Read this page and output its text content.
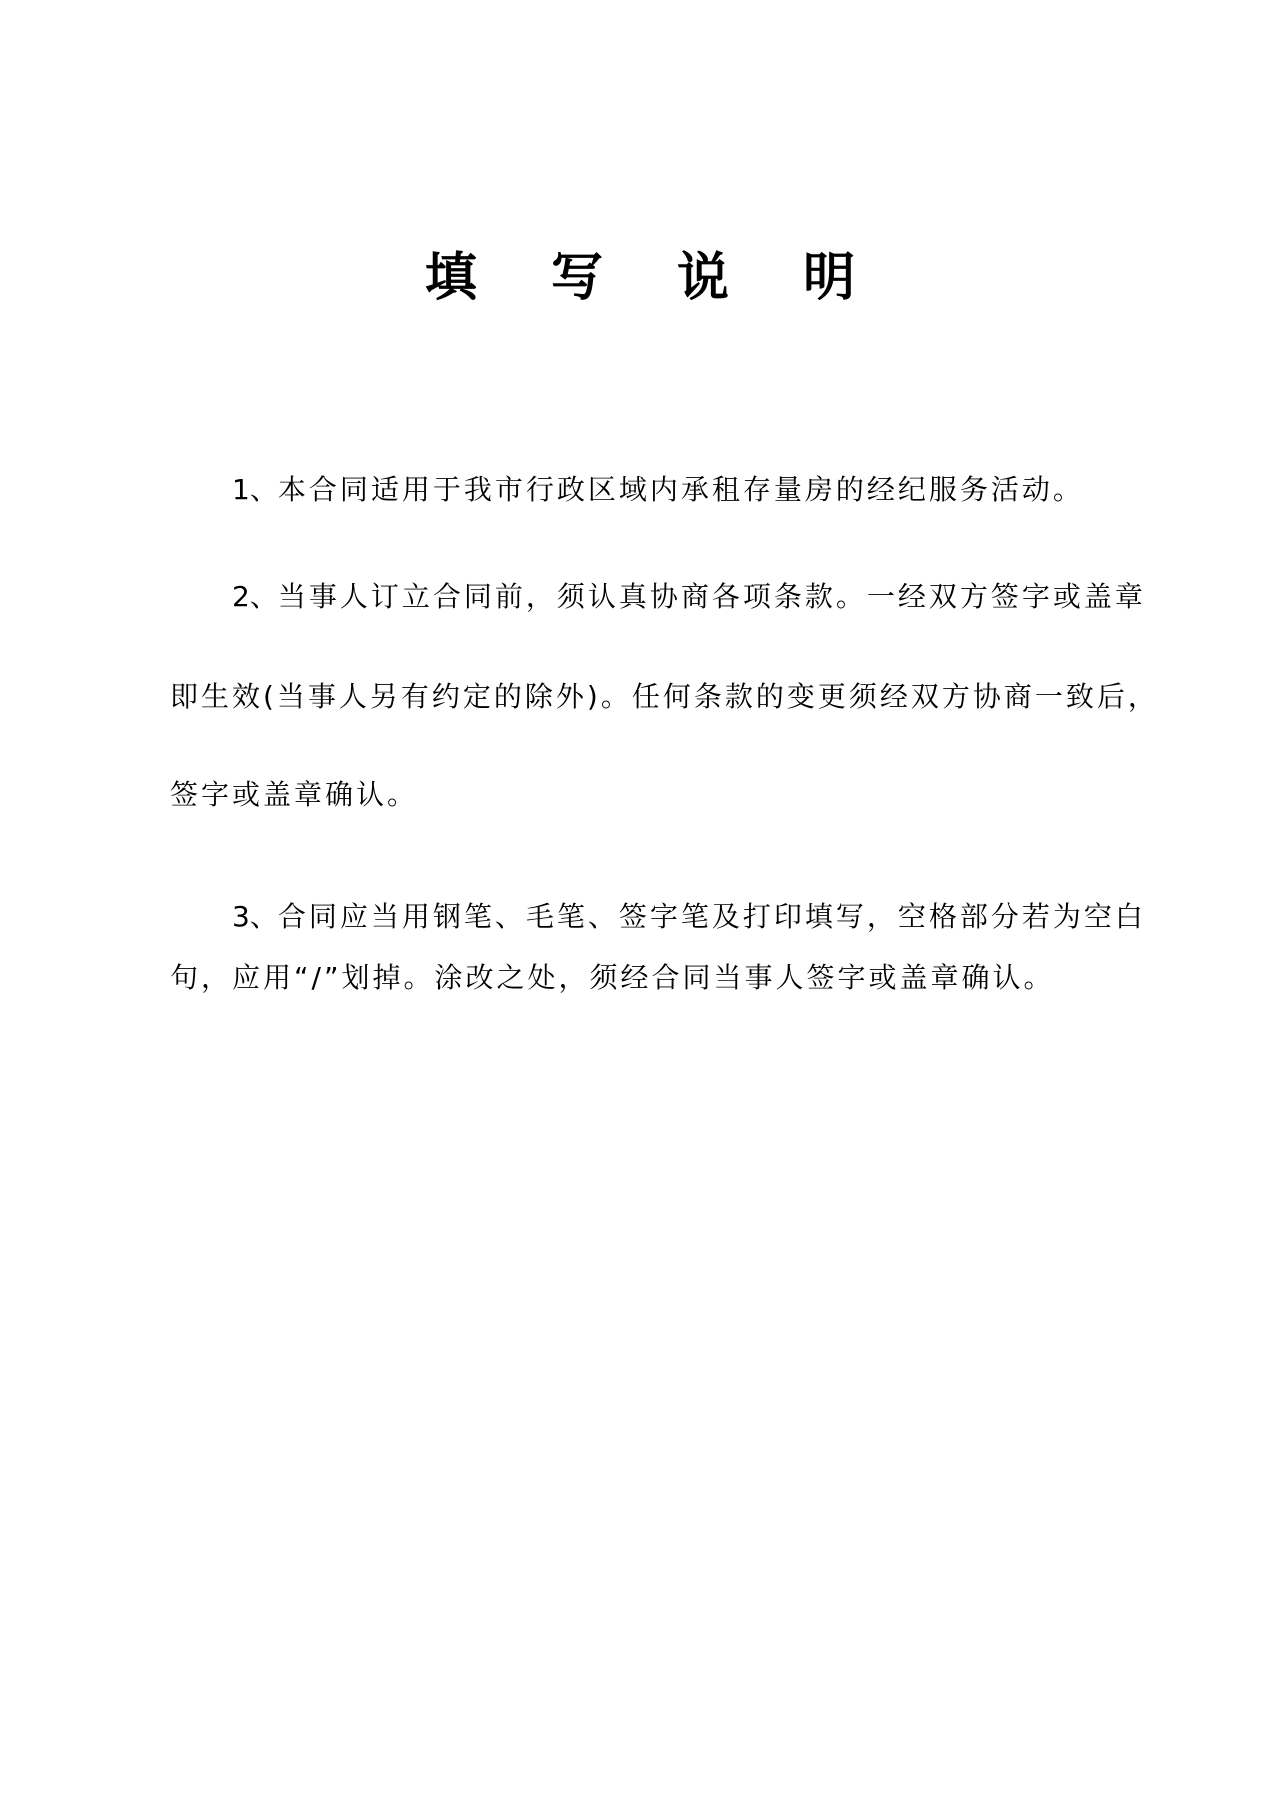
填 写 说 明
1、本合同适用于我市行政区域内承租存量房的经纪服务活动。
2、当事人订立合同前，须认真协商各项条款。一经双方签字或盖章
即生效(当事人另有约定的除外)。任何条款的变更须经双方协商一致后，
签字或盖章确认。
3、合同应当用钢笔、毛笔、签字笔及打印填写，空格部分若为空白
句，应用“/”划掉。涂改之处，须经合同当事人签字或盖章确认。
